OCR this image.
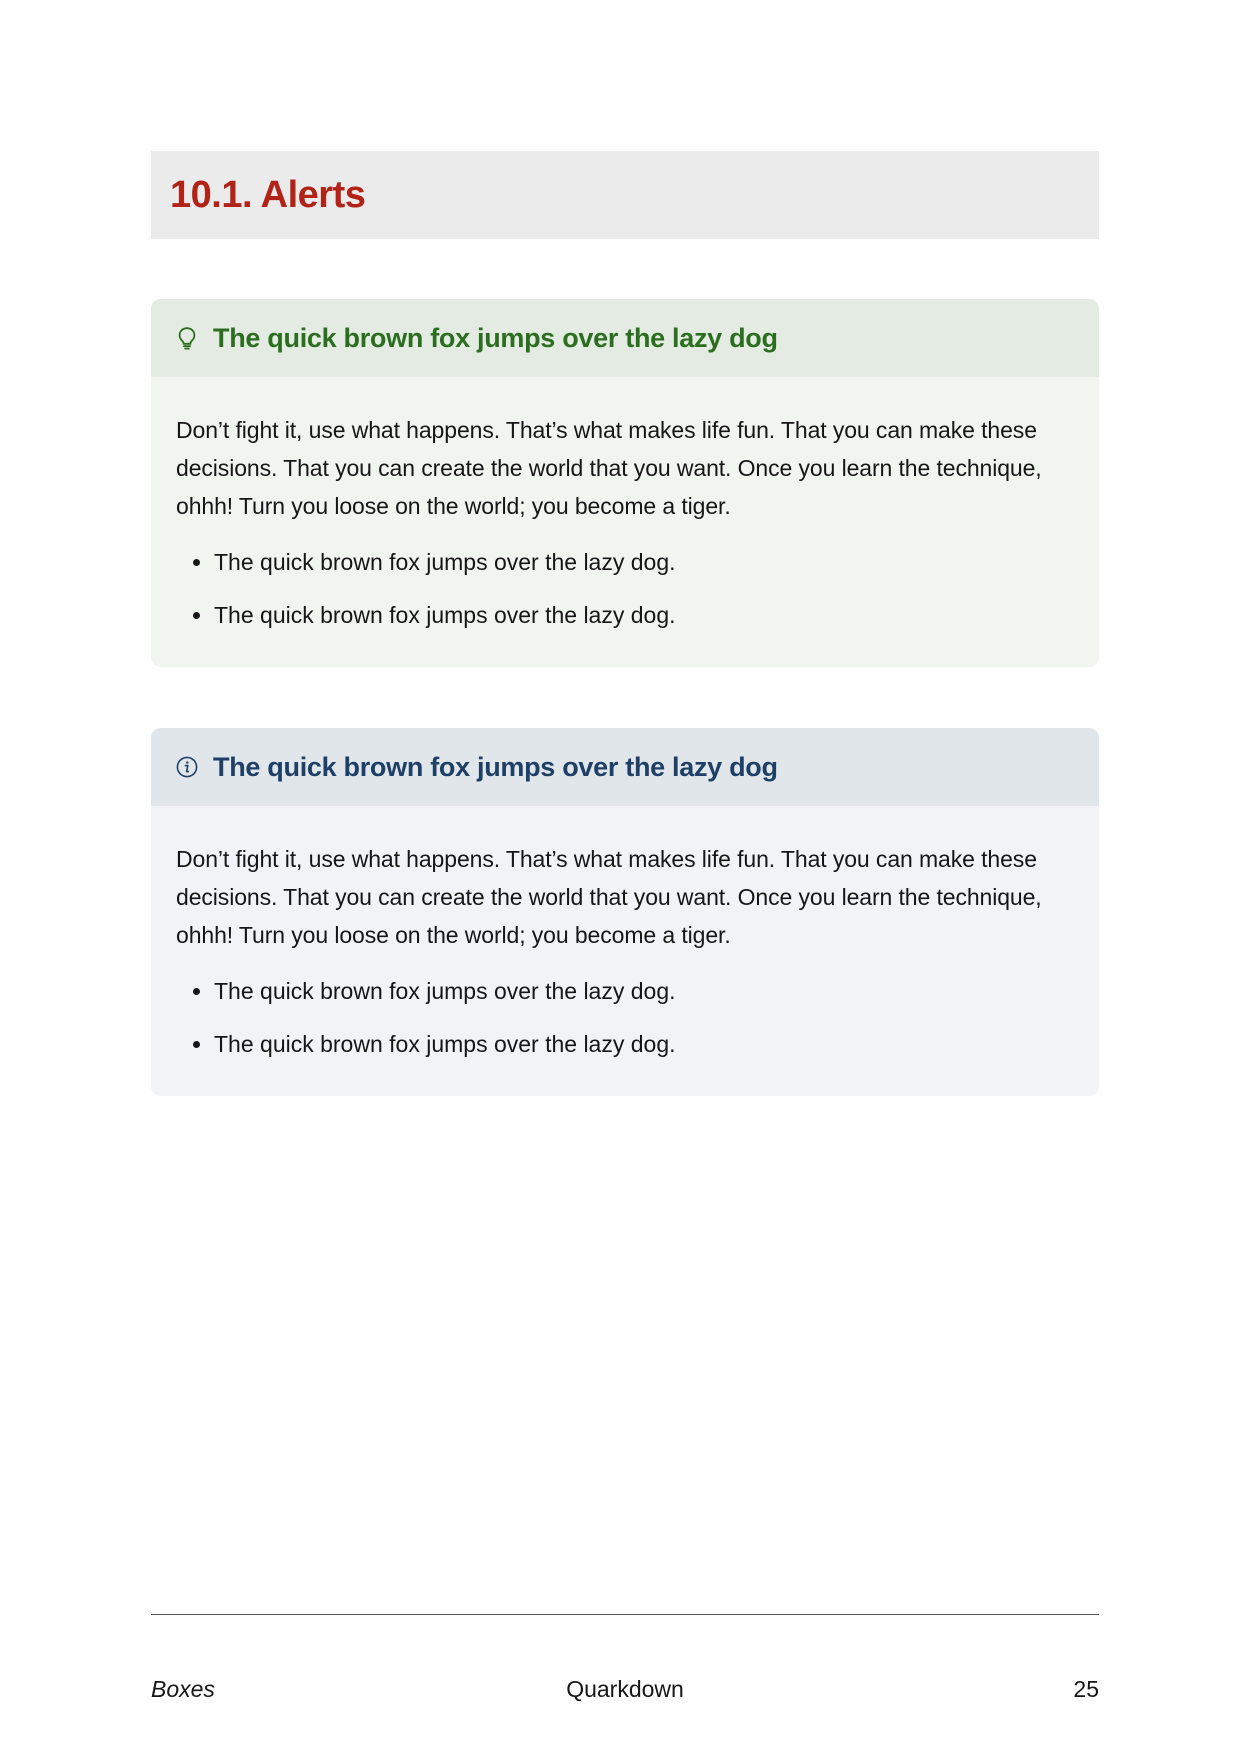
10.1. Alerts
The quick brown fox jumps over the lazy dog

Don’t fight it, use what happens. That’s what makes life fun. That you can make these decisions. That you can create the world that you want. Once you learn the technique, ohhh! Turn you loose on the world; you become a tiger.

• The quick brown fox jumps over the lazy dog.
• The quick brown fox jumps over the lazy dog.
The quick brown fox jumps over the lazy dog

Don’t fight it, use what happens. That’s what makes life fun. That you can make these decisions. That you can create the world that you want. Once you learn the technique, ohhh! Turn you loose on the world; you become a tiger.

• The quick brown fox jumps over the lazy dog.
• The quick brown fox jumps over the lazy dog.
Boxes	Quarkdown	25
